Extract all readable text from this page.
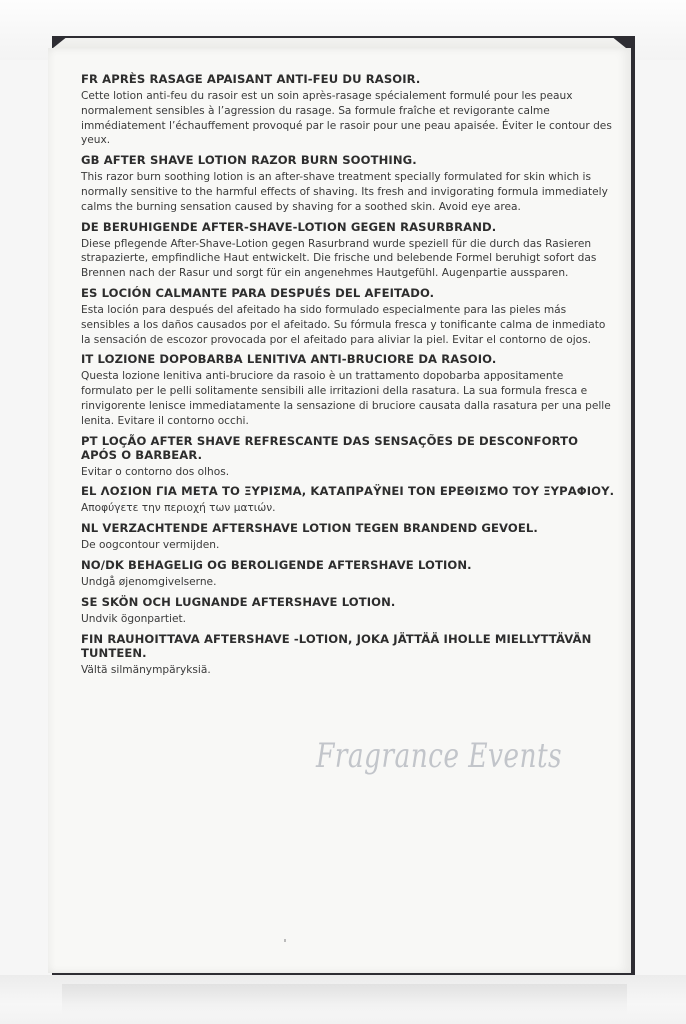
FR APRÈS RASAGE APAISANT ANTI-FEU DU RASOIR.

Cette lotion anti-feu du rasoir est un soin après-rasage spécialement formulé pour les peaux normalement sensibles à l’agression du rasage. Sa formule fraîche et revigorante calme immédiatement l’échauffement provoqué par le rasoir pour une peau apaisée. Éviter le contour des yeux.

GB AFTER SHAVE LOTION RAZOR BURN SOOTHING.

This razor burn soothing lotion is an after-shave treatment specially formulated for skin which is normally sensitive to the harmful effects of shaving. Its fresh and invigorating formula immediately calms the burning sensation caused by shaving for a soothed skin. Avoid eye area.

DE BERUHIGENDE AFTER-SHAVE-LOTION GEGEN RASURBRAND.

Diese pflegende After-Shave-Lotion gegen Rasurbrand wurde speziell für die durch das Rasieren strapazierte, empfindliche Haut entwickelt. Die frische und belebende Formel beruhigt sofort das Brennen nach der Rasur und sorgt für ein angenehmes Hautgefühl. Augenpartie aussparen.

ES LOCIÓN CALMANTE PARA DESPUÉS DEL AFEITADO.

Esta loción para después del afeitado ha sido formulado especialmente para las pieles más sensibles a los daños causados por el afeitado. Su fórmula fresca y tonificante calma de inmediato la sensación de escozor provocada por el afeitado para aliviar la piel. Evitar el contorno de ojos.

IT LOZIONE DOPOBARBA LENITIVA ANTI-BRUCIORE DA RASOIO.

Questa lozione lenitiva anti-bruciore da rasoio è un trattamento dopobarba appositamente formulato per le pelli solitamente sensibili alle irritazioni della rasatura. La sua formula fresca e rinvigorente lenisce immediatamente la sensazione di bruciore causata dalla rasatura per una pelle lenita. Evitare il contorno occhi.

PT LOÇÃO AFTER SHAVE REFRESCANTE DAS SENSAÇÕES DE DESCONFORTO APÓS O BARBEAR.

Evitar o contorno dos olhos.

EL ΛΟΣΙΟΝ ΓΙΑ ΜΕΤΑ ΤΟ ΞΥΡΙΣΜΑ, ΚΑΤΑΠΡΑΫΝΕΙ ΤΟΝ ΕΡΕΘΙΣΜΟ ΤΟΥ ΞΥΡΑΦΙΟΥ.

Αποφύγετε την περιοχή των ματιών.

NL VERZACHTENDE AFTERSHAVE LOTION TEGEN BRANDEND GEVOEL.

De oogcontour vermijden.

NO/DK BEHAGELIG OG BEROLIGENDE AFTERSHAVE LOTION.

Undgå øjenomgivelserne.

SE SKÖN OCH LUGNANDE AFTERSHAVE LOTION.

Undvik ögonpartiet.

FIN RAUHOITTAVA AFTERSHAVE -LOTION, JOKA JÄTTÄÄ IHOLLE MIELLYTTÄVÄN TUNTEEN.

Vältä silmänympäryksiä.

Fragrance Events
